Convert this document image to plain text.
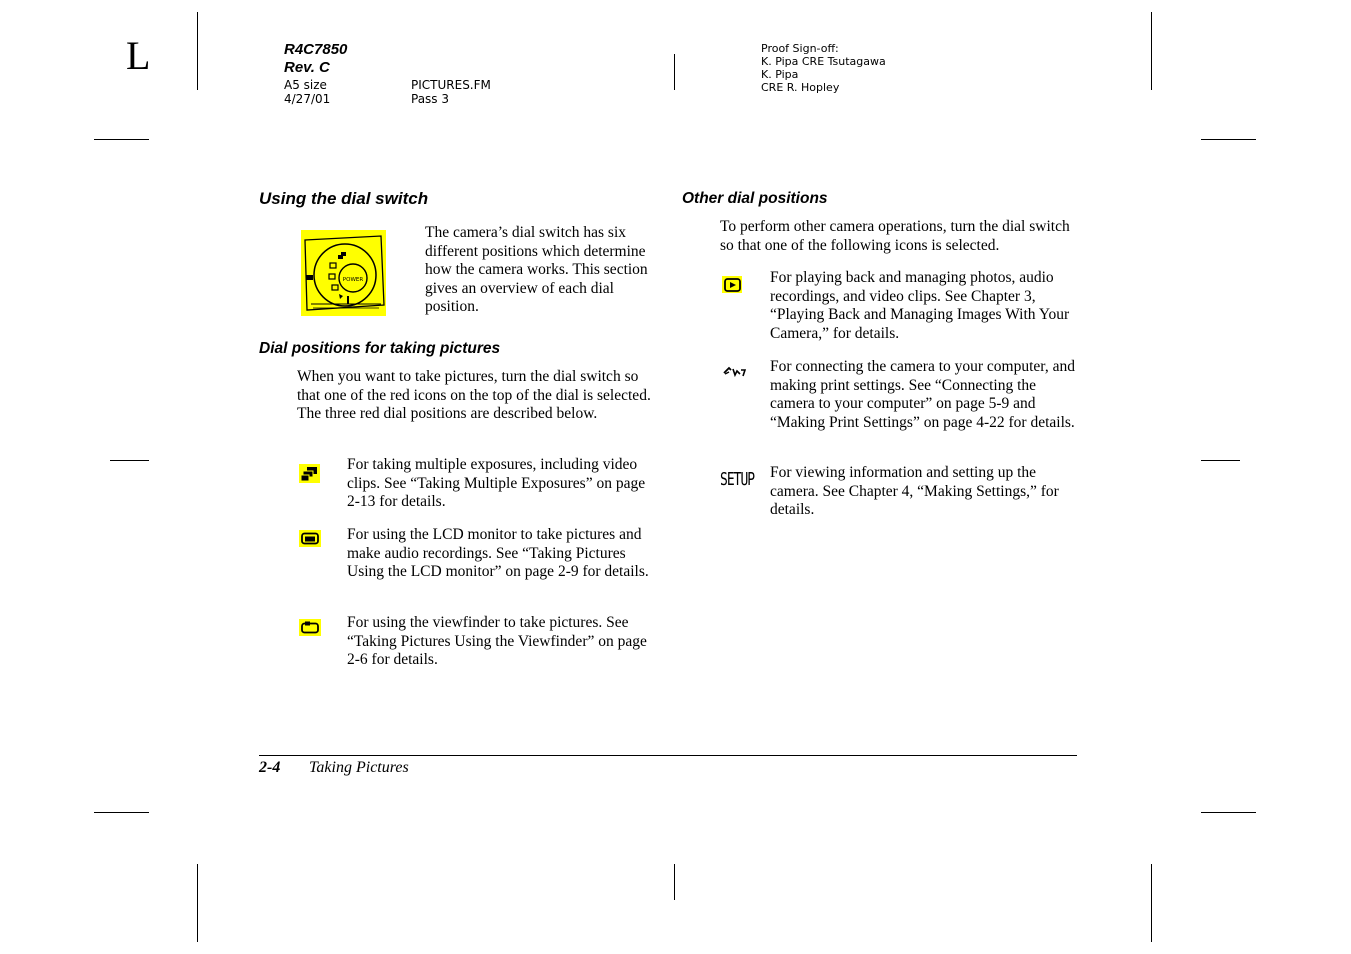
L	R4C7850
Rev. C
A5 size
4/27/01
PICTURES.FM
Pass 3
Proof Sign-off:
K. Pipa CRE Tsutagawa
K. Pipa
CRE R. Hopley
Using the dial switch
POWER
The camera’s dial switch has six different positions which determine how the camera works. This section gives an overview of each dial position.
Dial positions for taking pictures
When you want to take pictures, turn the dial switch so that one of the red icons on the top of the dial is selected. The three red dial positions are described below.
For taking multiple exposures, including video clips. See “Taking Multiple Exposures” on page 2-13 for details.
For using the LCD monitor to take pictures and make audio recordings. See “Taking Pictures Using the LCD monitor” on page 2-9 for details.
For using the viewfinder to take pictures. See “Taking Pictures Using the Viewfinder” on page 2-6 for details.
Other dial positions
To perform other camera operations, turn the dial switch so that one of the following icons is selected.
For playing back and managing photos, audio recordings, and video clips. See Chapter 3, “Playing Back and Managing Images With Your Camera,” for details.
For connecting the camera to your computer, and making print settings. See “Connecting the camera to your computer” on page 5-9 and “Making Print Settings” on page 4-22 for details.
SETUP For viewing information and setting up the camera. See Chapter 4, “Making Settings,” for details.
2-4 Taking Pictures
